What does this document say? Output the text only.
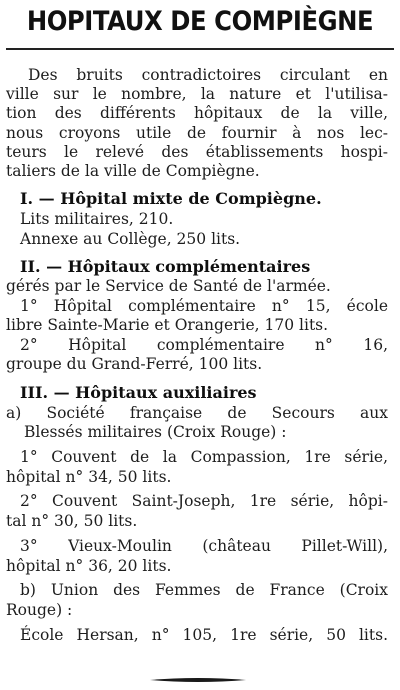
HOPITAUX DE COMPIÈGNE
Des bruits contradictoires circulant en
ville sur le nombre, la nature et l'utilisa-
tion des différents hôpitaux de la ville,
nous croyons utile de fournir à nos lec-
teurs le relevé des établissements hospi-
taliers de la ville de Compiègne.
I. — Hôpital mixte de Compiègne.
Lits militaires, 210.
Annexe au Collège, 250 lits.
II. — Hôpitaux complémentaires
gérés par le Service de Santé de l'armée.
1° Hôpital complémentaire n° 15, école
libre Sainte-Marie et Orangerie, 170 lits.
2° Hôpital complémentaire n° 16,
groupe du Grand-Ferré, 100 lits.
III. — Hôpitaux auxiliaires
a) Société française de Secours aux
Blessés militaires (Croix Rouge) :
1° Couvent de la Compassion, 1re série,
hôpital n° 34, 50 lits.
2° Couvent Saint-Joseph, 1re série, hôpi-
tal n° 30, 50 lits.
3° Vieux-Moulin (château Pillet-Will),
hôpital n° 36, 20 lits.
b) Union des Femmes de France (Croix
Rouge) :
École Hersan, n° 105, 1re série, 50 lits.
